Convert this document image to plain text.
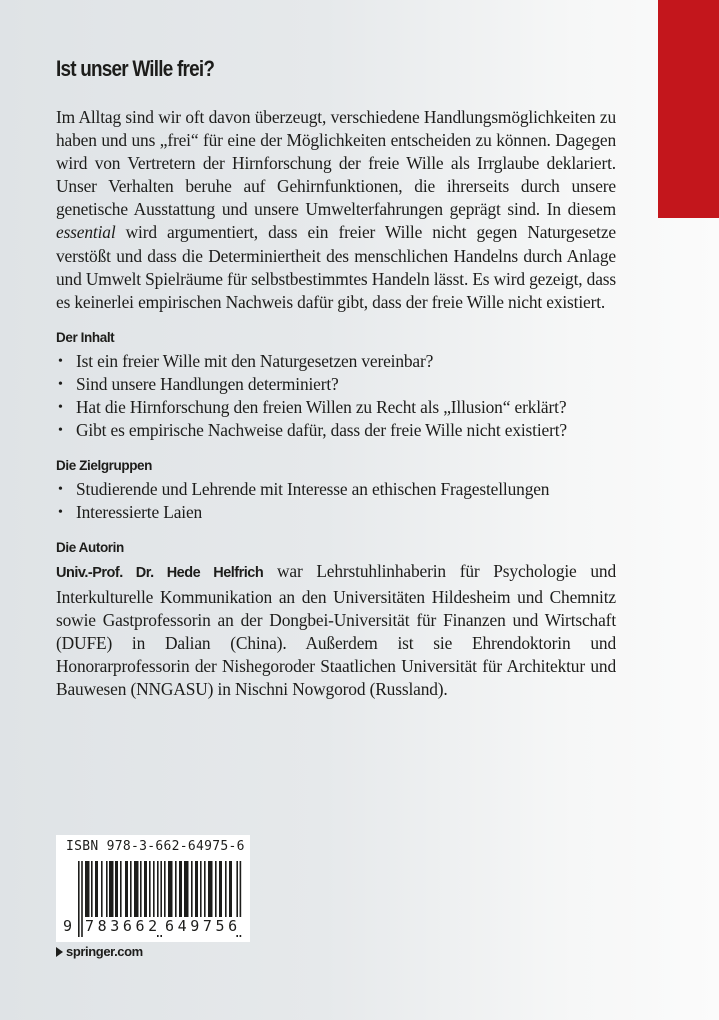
Ist unser Wille frei?

Im Alltag sind wir oft davon überzeugt, verschiedene Handlungsmöglichkeiten zu haben und uns „frei“ für eine der Möglichkeiten entscheiden zu können. Dagegen wird von Vertretern der Hirnforschung der freie Wille als Irrglaube deklariert. Unser Verhalten beruhe auf Gehirnfunktionen, die ihrerseits durch unsere genetische Ausstattung und unsere Umwelterfahrungen geprägt sind. In diesem essential wird argumentiert, dass ein freier Wille nicht gegen Naturgesetze verstößt und dass die Determiniertheit des menschlichen Handelns durch Anlage und Umwelt Spielräume für selbstbestimmtes Handeln lässt. Es wird gezeigt, dass es keinerlei empirischen Nachweis dafür gibt, dass der freie Wille nicht existiert.

Der Inhalt
• Ist ein freier Wille mit den Naturgesetzen vereinbar?
• Sind unsere Handlungen determiniert?
• Hat die Hirnforschung den freien Willen zu Recht als „Illusion“ erklärt?
• Gibt es empirische Nachweise dafür, dass der freie Wille nicht existiert?
Die Zielgruppen
• Studierende und Lehrende mit Interesse an ethischen Fragestellungen
• Interessierte Laien
Die Autorin

Univ.-Prof. Dr. Hede Helfrich war Lehrstuhlinhaberin für Psychologie und Interkulturelle Kommunikation an den Universitäten Hildesheim und Chemnitz sowie Gastprofessorin an der Dongbei-Universität für Finanzen und Wirtschaft (DUFE) in Dalian (China). Außerdem ist sie Ehrendoktorin und Honorarprofessorin der Nishegoroder Staatlichen Universität für Architektur und Bauwesen (NNGASU) in Nischni Nowgorod (Russland).

ISBN 978-3-662-64975-6
9 783662 649756
springer.com
